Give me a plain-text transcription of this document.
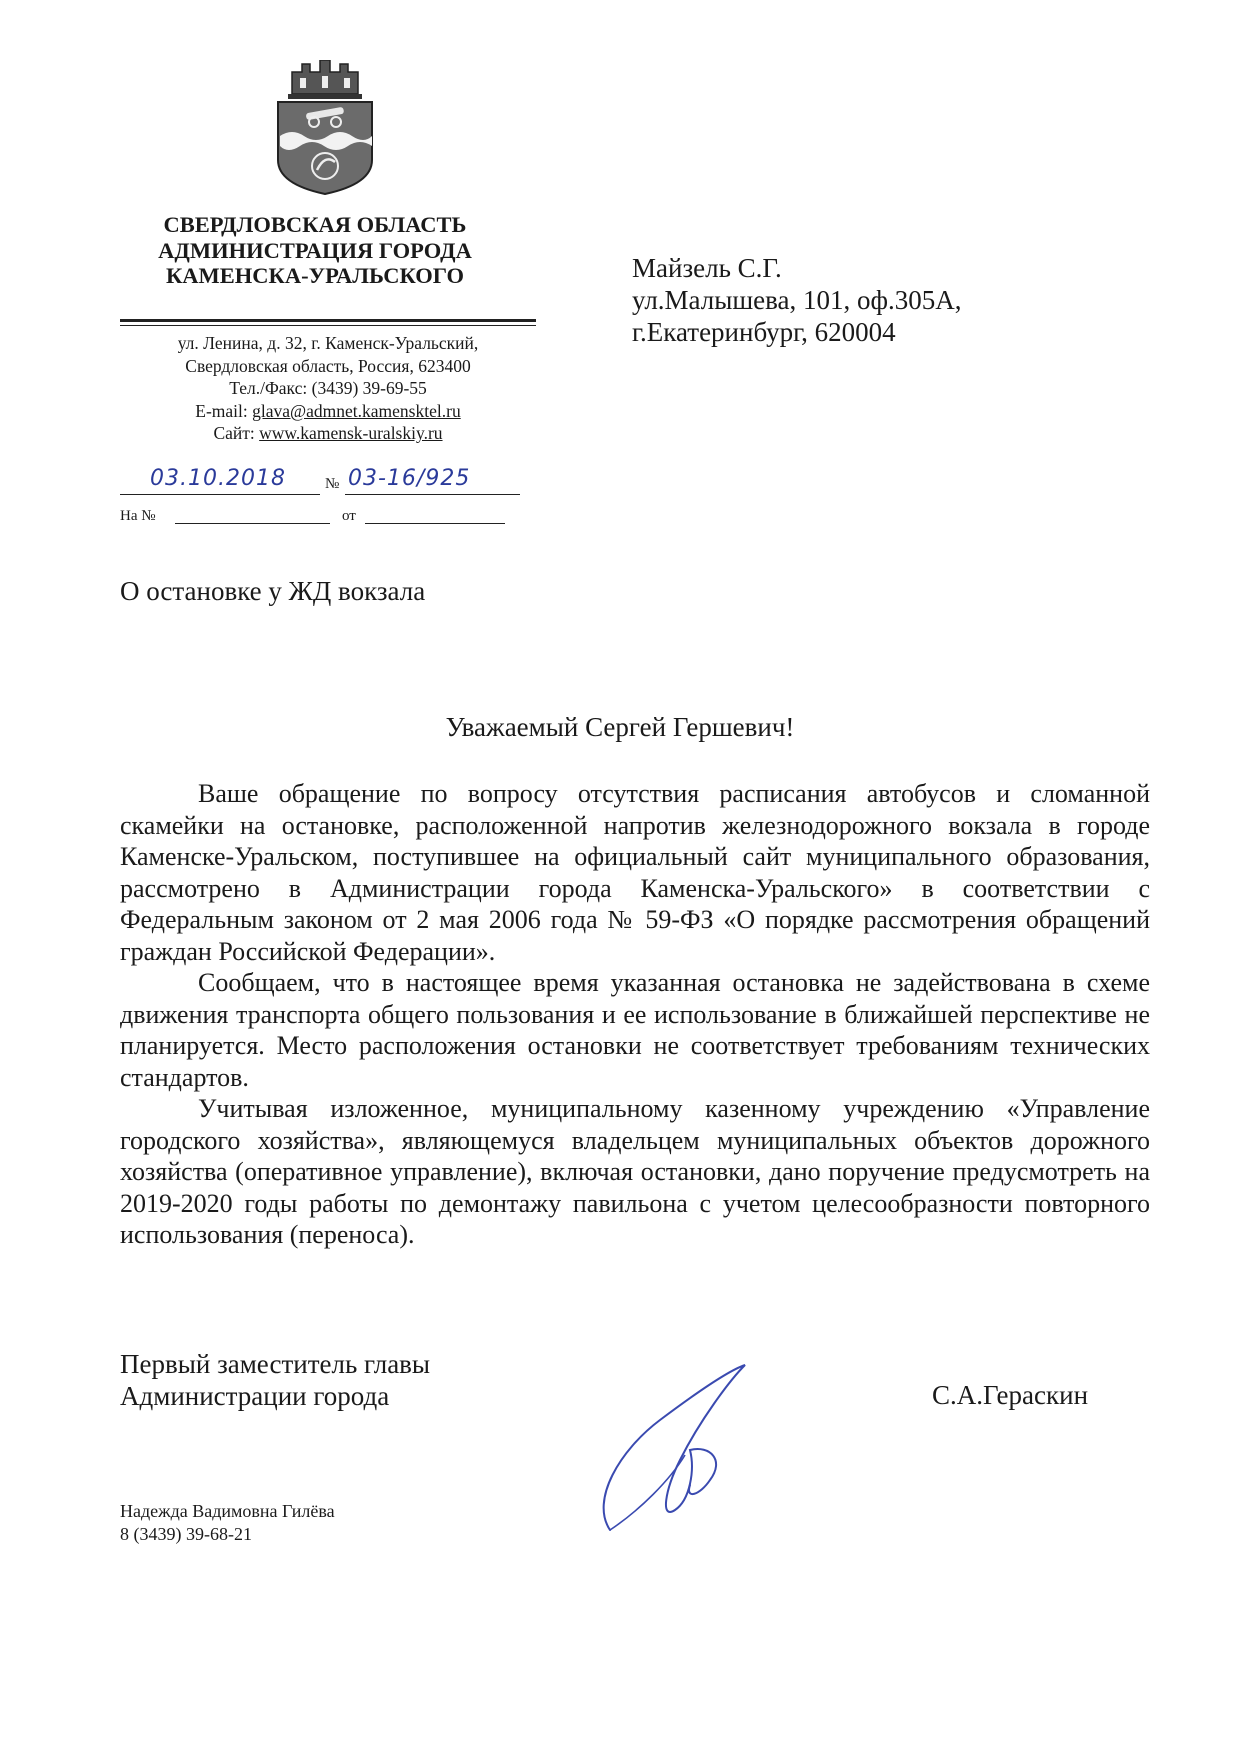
СВЕРДЛОВСКАЯ ОБЛАСТЬ
АДМИНИСТРАЦИЯ ГОРОДА
КАМЕНСКА-УРАЛЬСКОГО
ул. Ленина, д. 32, г. Каменск-Уральский,
Свердловская область, Россия, 623400
Тел./Факс: (3439) 39-69-55
E-mail: glava@admnet.kamensktel.ru
Сайт: www.kamensk-uralskiy.ru
03.10.2018	№ 03-16/925
На №	от
Майзель С.Г.
ул.Малышева, 101, оф.305А,
г.Екатеринбург, 620004
О остановке у ЖД вокзала
Уважаемый Сергей Гершевич!

Ваше обращение по вопросу отсутствия расписания автобусов и сломанной скамейки на остановке, расположенной напротив железнодорожного вокзала в городе Каменске-Уральском, поступившее на официальный сайт муниципального образования, рассмотрено в Администрации города Каменска-Уральского» в соответствии с Федеральным законом от 2 мая 2006 года № 59-ФЗ «О порядке рассмотрения обращений граждан Российской Федерации».

Сообщаем, что в настоящее время указанная остановка не задействована в схеме движения транспорта общего пользования и ее использование в ближайшей перспективе не планируется. Место расположения остановки не соответствует требованиям технических стандартов.

Учитывая изложенное, муниципальному казенному учреждению «Управление городского хозяйства», являющемуся владельцем муниципальных объектов дорожного хозяйства (оперативное управление), включая остановки, дано поручение предусмотреть на 2019-2020 годы работы по демонтажу павильона с учетом целесообразности повторного использования (переноса).

Первый заместитель главы
Администрации города	С.А.Гераскин
Надежда Вадимовна Гилёва
8 (3439) 39-68-21
